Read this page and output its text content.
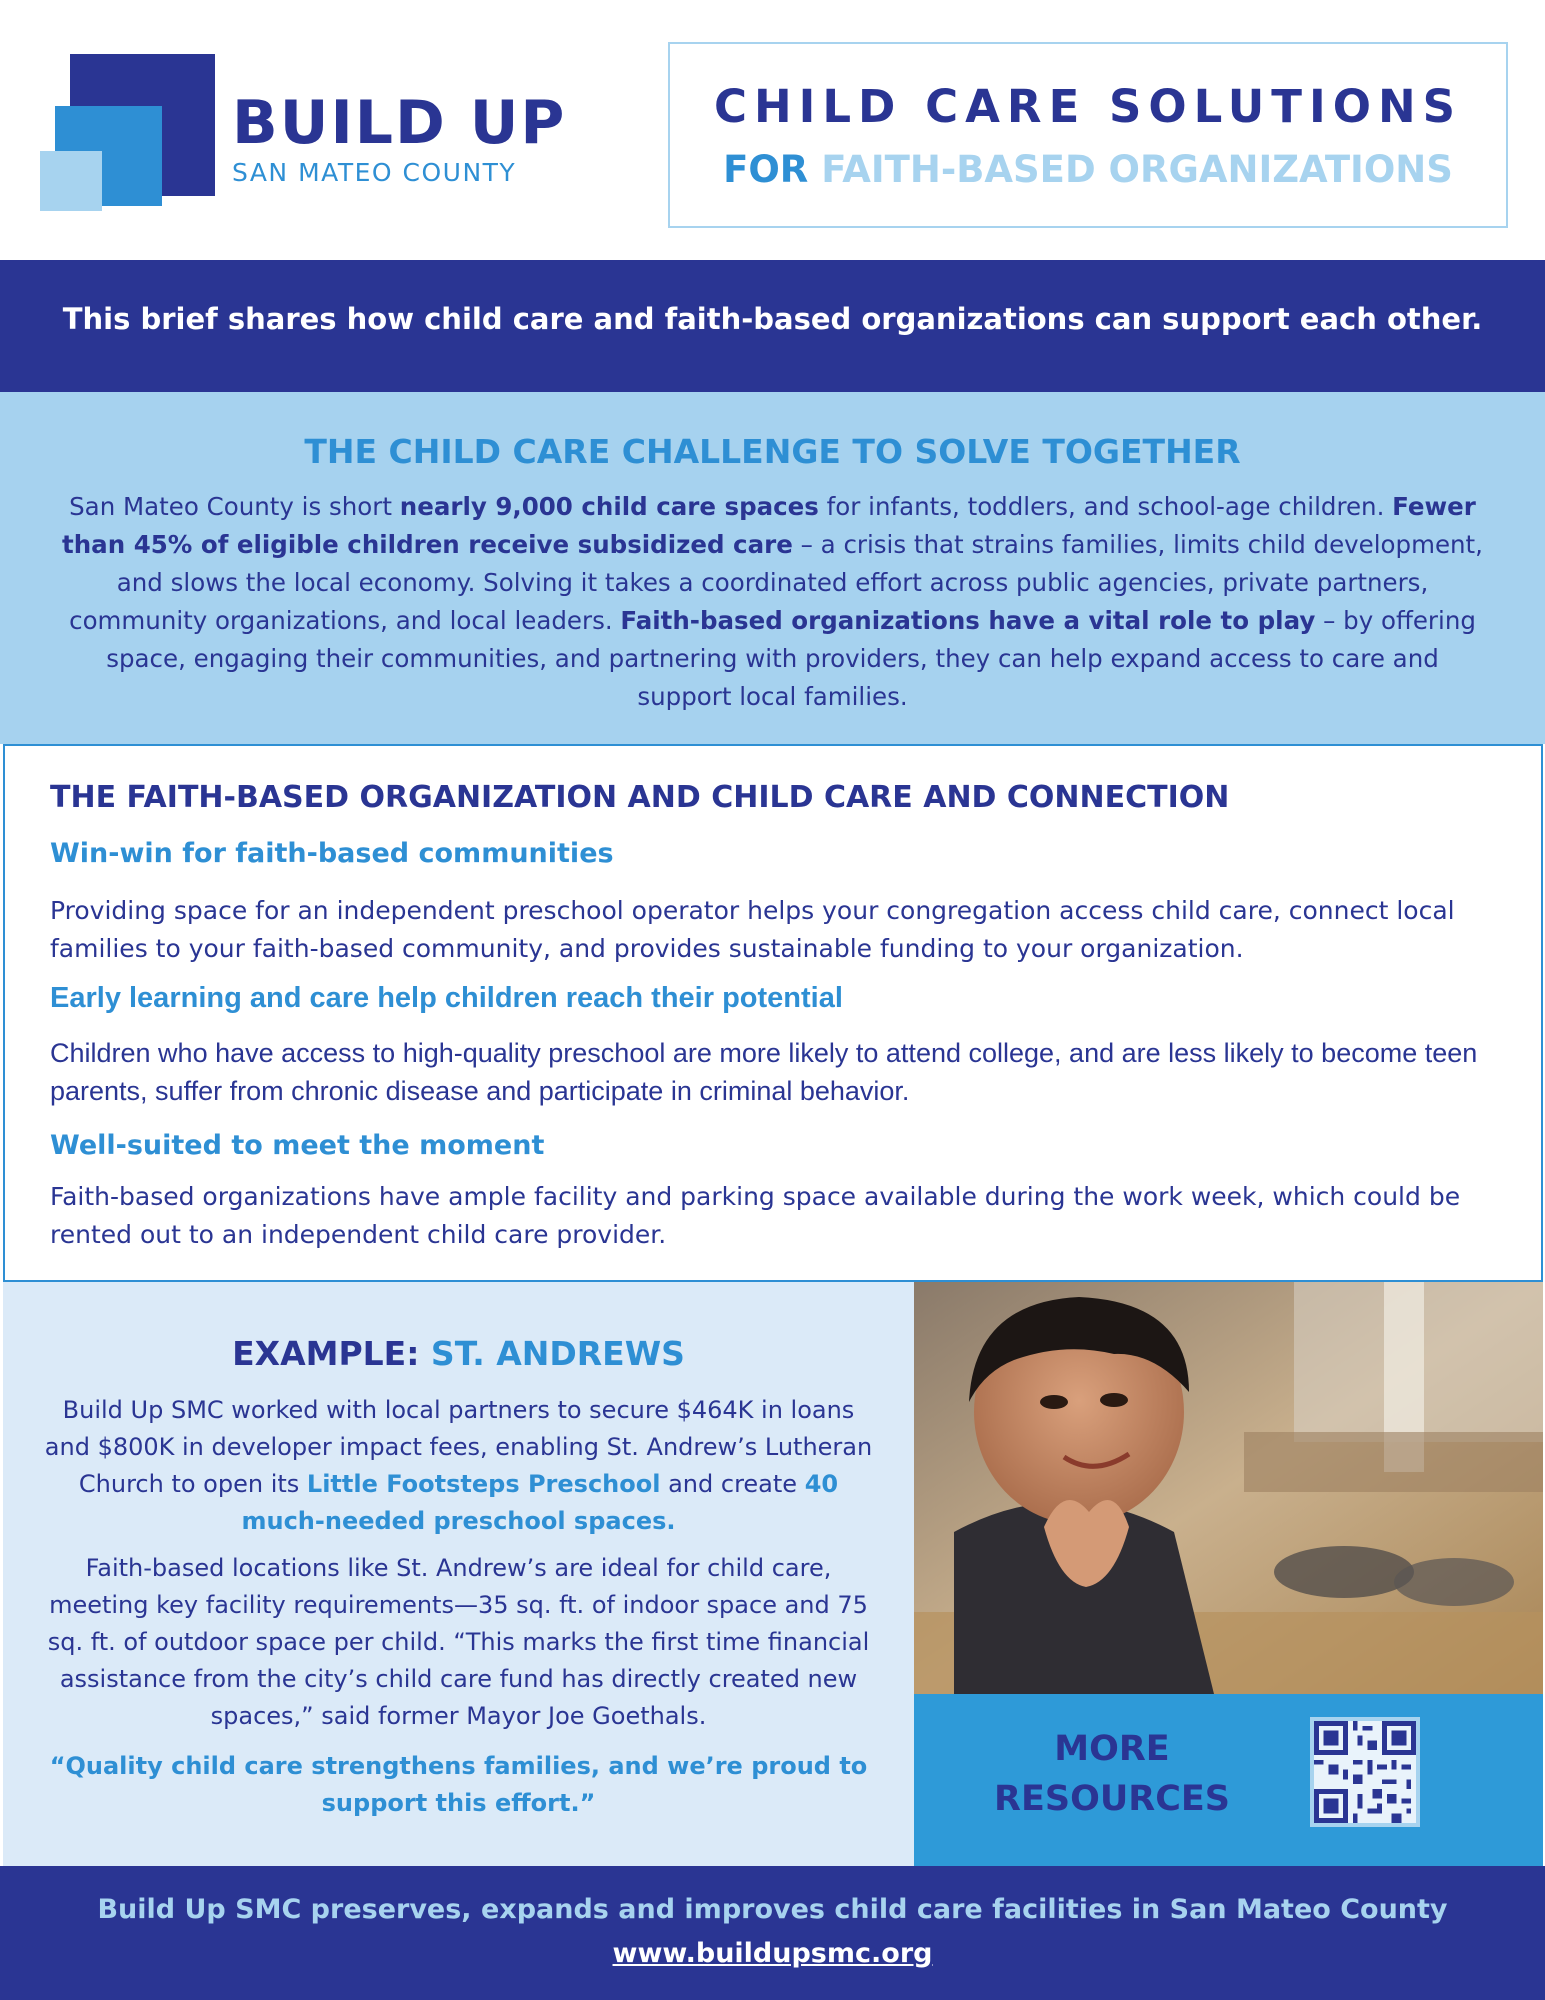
BUILD UP
SAN MATEO COUNTY
CHILD CARE SOLUTIONS
FOR FAITH-BASED ORGANIZATIONS
This brief shares how child care and faith-based organizations can support each other.
THE CHILD CARE CHALLENGE TO SOLVE TOGETHER
San Mateo County is short nearly 9,000 child care spaces for infants, toddlers, and school-age children. Fewer than 45% of eligible children receive subsidized care – a crisis that strains families, limits child development, and slows the local economy. Solving it takes a coordinated effort across public agencies, private partners, community organizations, and local leaders. Faith-based organizations have a vital role to play – by offering space, engaging their communities, and partnering with providers, they can help expand access to care and support local families.
THE FAITH-BASED ORGANIZATION AND CHILD CARE AND CONNECTION
Win-win for faith-based communities
Providing space for an independent preschool operator helps your congregation access child care, connect local families to your faith-based community, and provides sustainable funding to your organization.
Early learning and care help children reach their potential
Children who have access to high-quality preschool are more likely to attend college, and are less likely to become teen parents, suffer from chronic disease and participate in criminal behavior.
Well-suited to meet the moment
Faith-based organizations have ample facility and parking space available during the work week, which could be rented out to an independent child care provider.
EXAMPLE: ST. ANDREWS
Build Up SMC worked with local partners to secure $464K in loans and $800K in developer impact fees, enabling St. Andrew’s Lutheran Church to open its Little Footsteps Preschool and create 40 much-needed preschool spaces.
Faith-based locations like St. Andrew’s are ideal for child care, meeting key facility requirements—35 sq. ft. of indoor space and 75 sq. ft. of outdoor space per child. “This marks the first time financial assistance from the city’s child care fund has directly created new spaces,” said former Mayor Joe Goethals.
“Quality child care strengthens families, and we’re proud to support this effort.”
MORE RESOURCES
Build Up SMC preserves, expands and improves child care facilities in San Mateo County
www.buildupsmc.org
